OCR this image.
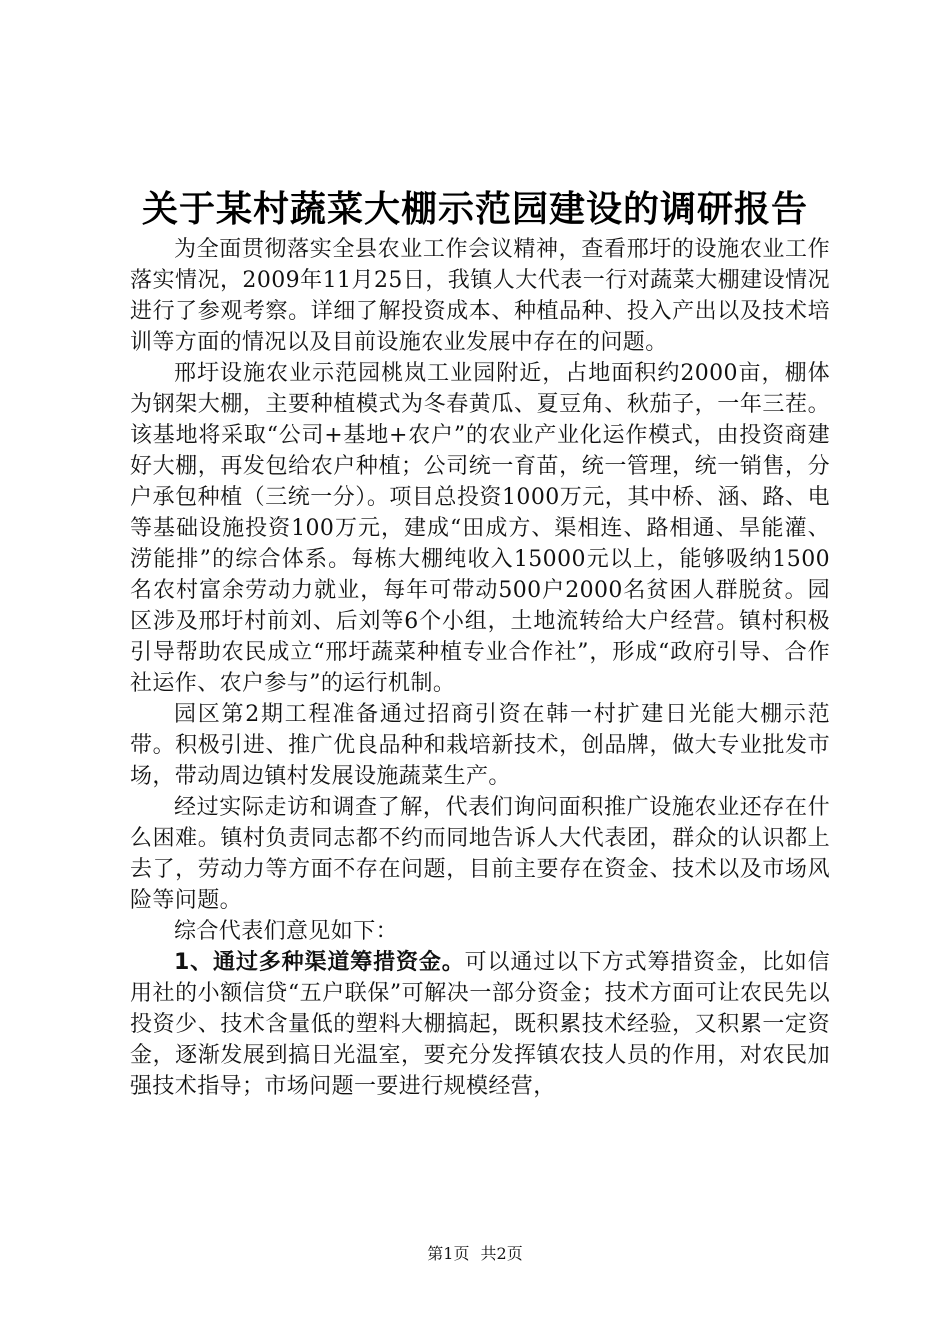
关于某村蔬菜大棚示范园建设的调研报告

为全面贯彻落实全县农业工作会议精神，查看邢圩的设施农业工作落实情况，2009年11月25日，我镇人大代表一行对蔬菜大棚建设情况进行了参观考察。详细了解投资成本、种植品种、投入产出以及技术培训等方面的情况以及目前设施农业发展中存在的问题。

邢圩设施农业示范园桃岚工业园附近，占地面积约2000亩，棚体为钢架大棚，主要种植模式为冬春黄瓜、夏豆角、秋茄子，一年三茬。该基地将采取“公司+基地+农户”的农业产业化运作模式，由投资商建好大棚，再发包给农户种植；公司统一育苗，统一管理，统一销售，分户承包种植（三统一分）。项目总投资1000万元，其中桥、涵、路、电等基础设施投资100万元，建成“田成方、渠相连、路相通、旱能灌、涝能排”的综合体系。每栋大棚纯收入15000元以上，能够吸纳1500名农村富余劳动力就业，每年可带动500户2000名贫困人群脱贫。园区涉及邢圩村前刘、后刘等6个小组，土地流转给大户经营。镇村积极引导帮助农民成立“邢圩蔬菜种植专业合作社”，形成“政府引导、合作社运作、农户参与”的运行机制。

园区第2期工程准备通过招商引资在韩一村扩建日光能大棚示范带。积极引进、推广优良品种和栽培新技术，创品牌，做大专业批发市场，带动周边镇村发展设施蔬菜生产。

经过实际走访和调查了解，代表们询问面积推广设施农业还存在什么困难。镇村负责同志都不约而同地告诉人大代表团，群众的认识都上去了，劳动力等方面不存在问题，目前主要存在资金、技术以及市场风险等问题。

综合代表们意见如下：

1、通过多种渠道筹措资金。可以通过以下方式筹措资金，比如信用社的小额信贷“五户联保”可解决一部分资金；技术方面可让农民先以投资少、技术含量低的塑料大棚搞起，既积累技术经验，又积累一定资金，逐渐发展到搞日光温室，要充分发挥镇农技人员的作用，对农民加强技术指导；市场问题一要进行规模经营，

第1页 共2页
